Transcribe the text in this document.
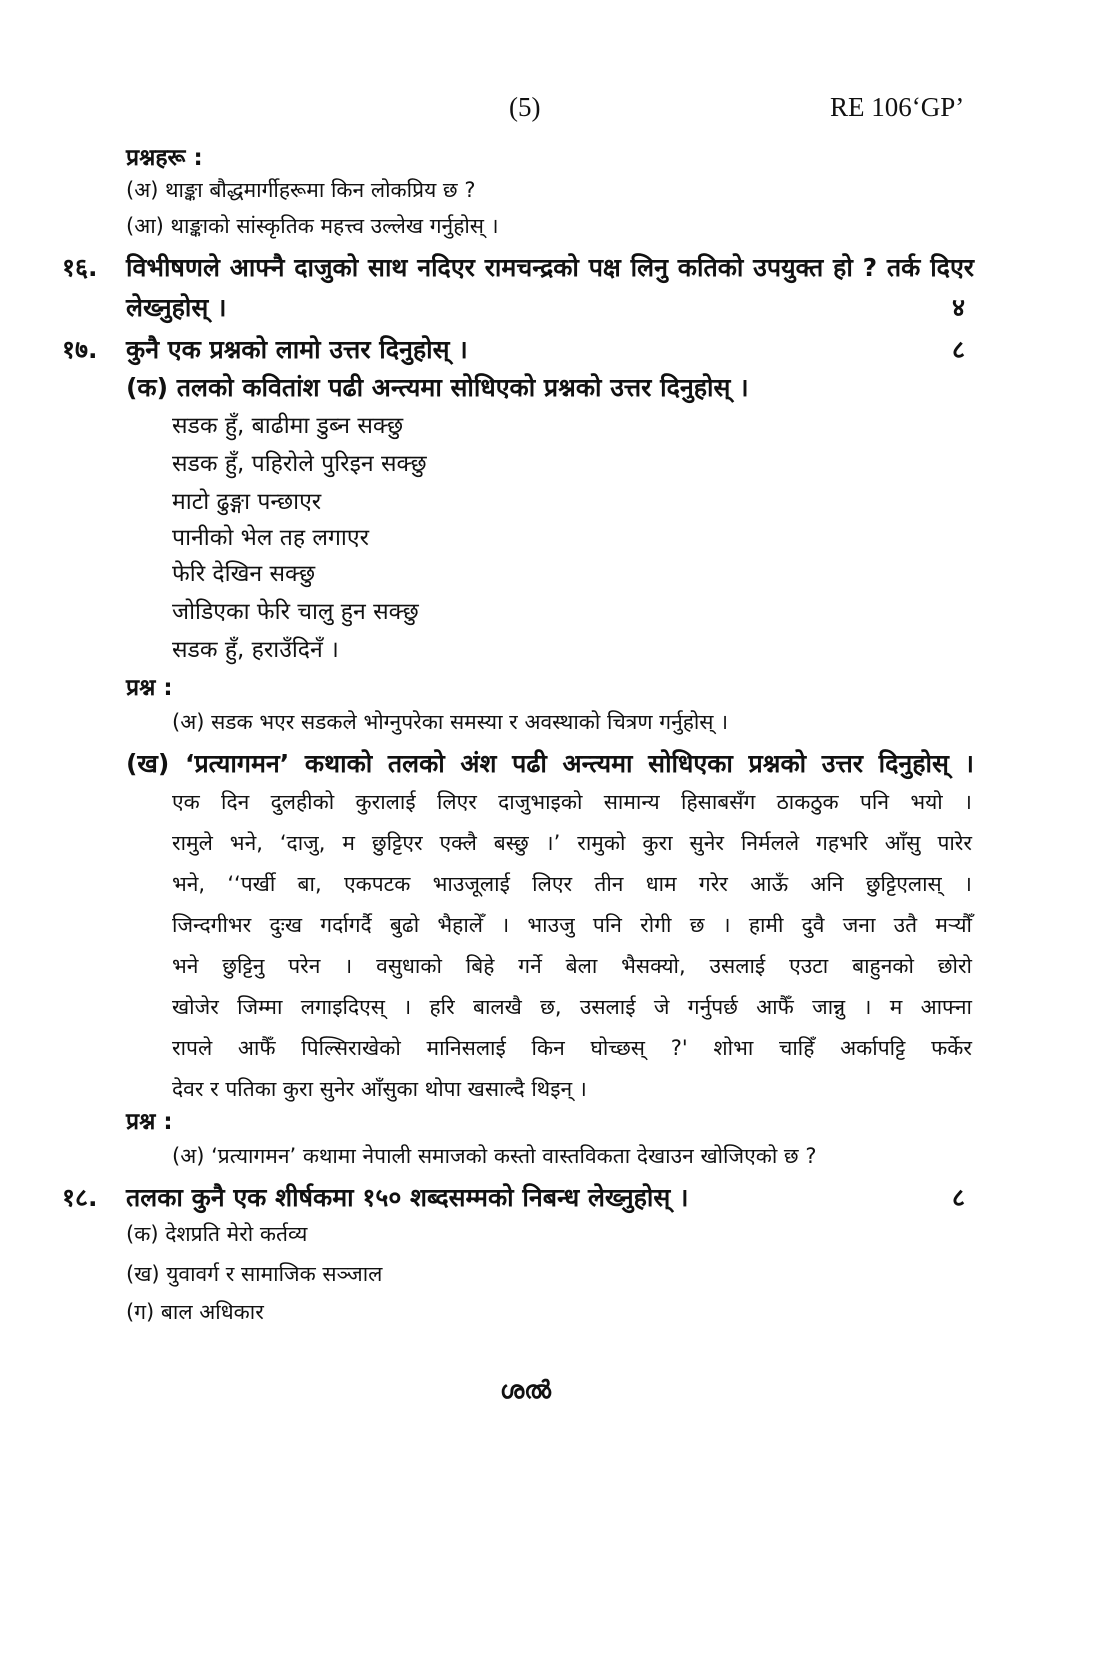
(5)	RE 106‘GP’
प्रश्नहरू :
(अ) थाङ्का बौद्धमार्गीहरूमा किन लोकप्रिय छ ?
(आ) थाङ्काको सांस्कृतिक महत्त्व उल्लेख गर्नुहोस् ।
१६. विभीषणले आफ्नै दाजुको साथ नदिएर रामचन्द्रको पक्ष लिनु कतिको उपयुक्त हो ? तर्क दिएर
लेख्नुहोस् ।	४
१७. कुनै एक प्रश्नको लामो उत्तर दिनुहोस् ।	८
(क) तलको कवितांश पढी अन्त्यमा सोधिएको प्रश्नको उत्तर दिनुहोस् ।
सडक हुँ, बाढीमा डुब्न सक्छु
सडक हुँ, पहिरोले पुरिइन सक्छु
माटो ढुङ्गा पन्छाएर
पानीको भेल तह लगाएर
फेरि देखिन सक्छु
जोडिएका फेरि चालु हुन सक्छु
सडक हुँ, हराउँदिनँ ।
प्रश्न :
(अ) सडक भएर सडकले भोग्नुपरेका समस्या र अवस्थाको चित्रण गर्नुहोस् ।
(ख) ‘प्रत्यागमन’ कथाको तलको अंश पढी अन्त्यमा सोधिएका प्रश्नको उत्तर दिनुहोस् ।
एक दिन दुलहीको कुरालाई लिएर दाजुभाइको सामान्य हिसाबसँग ठाकठुक पनि भयो ।
रामुले भने, ‘दाजु, म छुट्टिएर एक्लै बस्छु ।’ रामुको कुरा सुनेर निर्मलले गहभरि आँसु पारेर
भने, ‘‘पर्खी बा, एकपटक भाउजूलाई लिएर तीन धाम गरेर आऊँ अनि छुट्टिएलास् ।
जिन्दगीभर दुःख गर्दागर्दै बुढो भैहालेँ । भाउजु पनि रोगी छ । हामी दुवै जना उतै मर्‍यौँ
भने छुट्टिनु परेन । वसुधाको बिहे गर्ने बेला भैसक्यो, उसलाई एउटा बाहुनको छोरो
खोजेर जिम्मा लगाइदिएस् । हरि बालखै छ, उसलाई जे गर्नुपर्छ आफैँ जान्नु । म आफ्ना
रापले आफैँ पिल्सिराखेको मानिसलाई किन घोच्छस् ?' शोभा चाहिँ अर्कापट्टि फर्केर
देवर र पतिका कुरा सुनेर आँसुका थोपा खसाल्दै थिइन् ।
प्रश्न :
(अ) ‘प्रत्यागमन’ कथामा नेपाली समाजको कस्तो वास्तविकता देखाउन खोजिएको छ ?
१८. तलका कुनै एक शीर्षकमा १५० शब्दसम्मको निबन्ध लेख्नुहोस् ।	८
(क) देशप्रति मेरो कर्तव्य
(ख) युवावर्ग र सामाजिक सञ्जाल
(ग) बाल अधिकार
ശൽ
